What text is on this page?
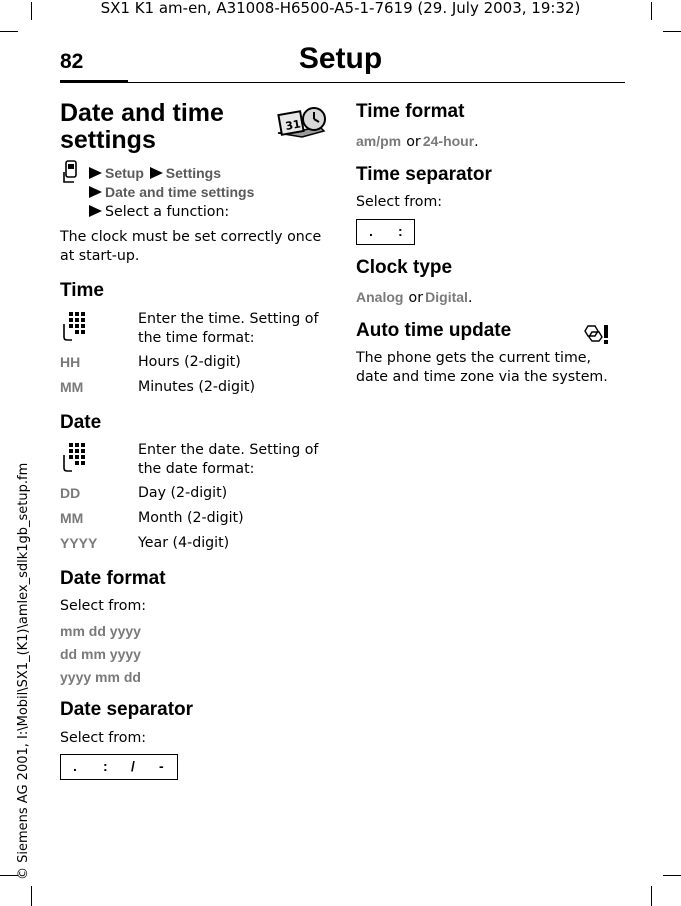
SX1 K1 am-en, A31008-H6500-A5-1-7619 (29. July 2003, 19:32)
82	Setup
© Siemens AG 2001, I:\Mobil\SX1_(K1)\amlex_sdlk1gb_setup.fm
Date and time settings
31
Setup Settings
Date and time settings
Select a function:
The clock must be set correctly once at start-up.
Time
Enter the time. Setting of the time format:
HH	Hours (2-digit)
MM	Minutes (2-digit)
Date
Enter the date. Setting of the date format:
DD	Day (2-digit)
MM	Month (2-digit)
YYYY	Year (4-digit)
Date format
Select from:
mm dd yyyy
dd mm yyyy
yyyy mm dd
Date separator
Select from:
. : / -
Time format
am/pm or 24-hour.
Time separator
Select from:
. :
Clock type
Analog or Digital.
Auto time update
The phone gets the current time, date and time zone via the system.
